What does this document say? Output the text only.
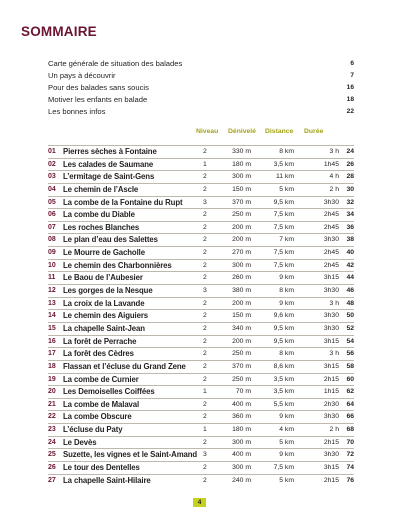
SOMMAIRE
Carte générale de situation des balades	6
Un pays à découvrir	7
Pour des balades sans soucis	16
Motiver les enfants en balade	18
Les bonnes infos	22
Niveau Dénivelé Distance Durée
01 Pierres sèches à Fontaine	2	330 m	8 km	3 h 24
02 Les calades de Saumane	1	180 m	3,5 km	1h45 26
03 L’ermitage de Saint-Gens	2	300 m	11 km	4 h 28
04 Le chemin de l’Ascle	2	150 m	5 km	2 h 30
05 La combe de la Fontaine du Rupt	3	370 m	9,5 km	3h30 32
06 La combe du Diable	2	250 m	7,5 km	2h45 34
07 Les roches Blanches	2	200 m	7,5 km	2h45 36
08 Le plan d’eau des Salettes	2	200 m	7 km	3h30 38
09 Le Mourre de Gacholle	2	270 m	7,5 km	2h45 40
10 Le chemin des Charbonnières	2	300 m	7,5 km	2h45 42
11 Le Baou de l’Aubesier	2	260 m	9 km	3h15 44
12 Les gorges de la Nesque	3	380 m	8 km	3h30 46
13 La croix de la Lavande	2	200 m	9 km	3 h 48
14 Le chemin des Aiguiers	2	150 m	9,6 km	3h30 50
15 La chapelle Saint-Jean	2	340 m	9,5 km	3h30 52
16 La forêt de Perrache	2	200 m	9,5 km	3h15 54
17 La forêt des Cèdres	2	250 m	8 km	3 h 56
18 Flassan et l’écluse du Grand Zene	2	370 m	8,6 km	3h15 58
19 La combe de Curnier	2	250 m	3,5 km	2h15 60
20 Les Demoiselles Coiffées	1	70 m	3,5 km	1h15 62
21 La combe de Malaval	2	400 m	5,5 km	2h30 64
22 La combe Obscure	2	360 m	9 km	3h30 66
23 L’écluse du Paty	1	180 m	4 km	2 h 68
24 Le Devès	2	300 m	5 km	2h15 70
25 Suzette, les vignes et le Saint-Amand 3	400 m	9 km	3h30 72
26 Le tour des Dentelles	2	300 m	7,5 km	3h15 74
27 La chapelle Saint-Hilaire	2	240 m	5 km	2h15 76
4
